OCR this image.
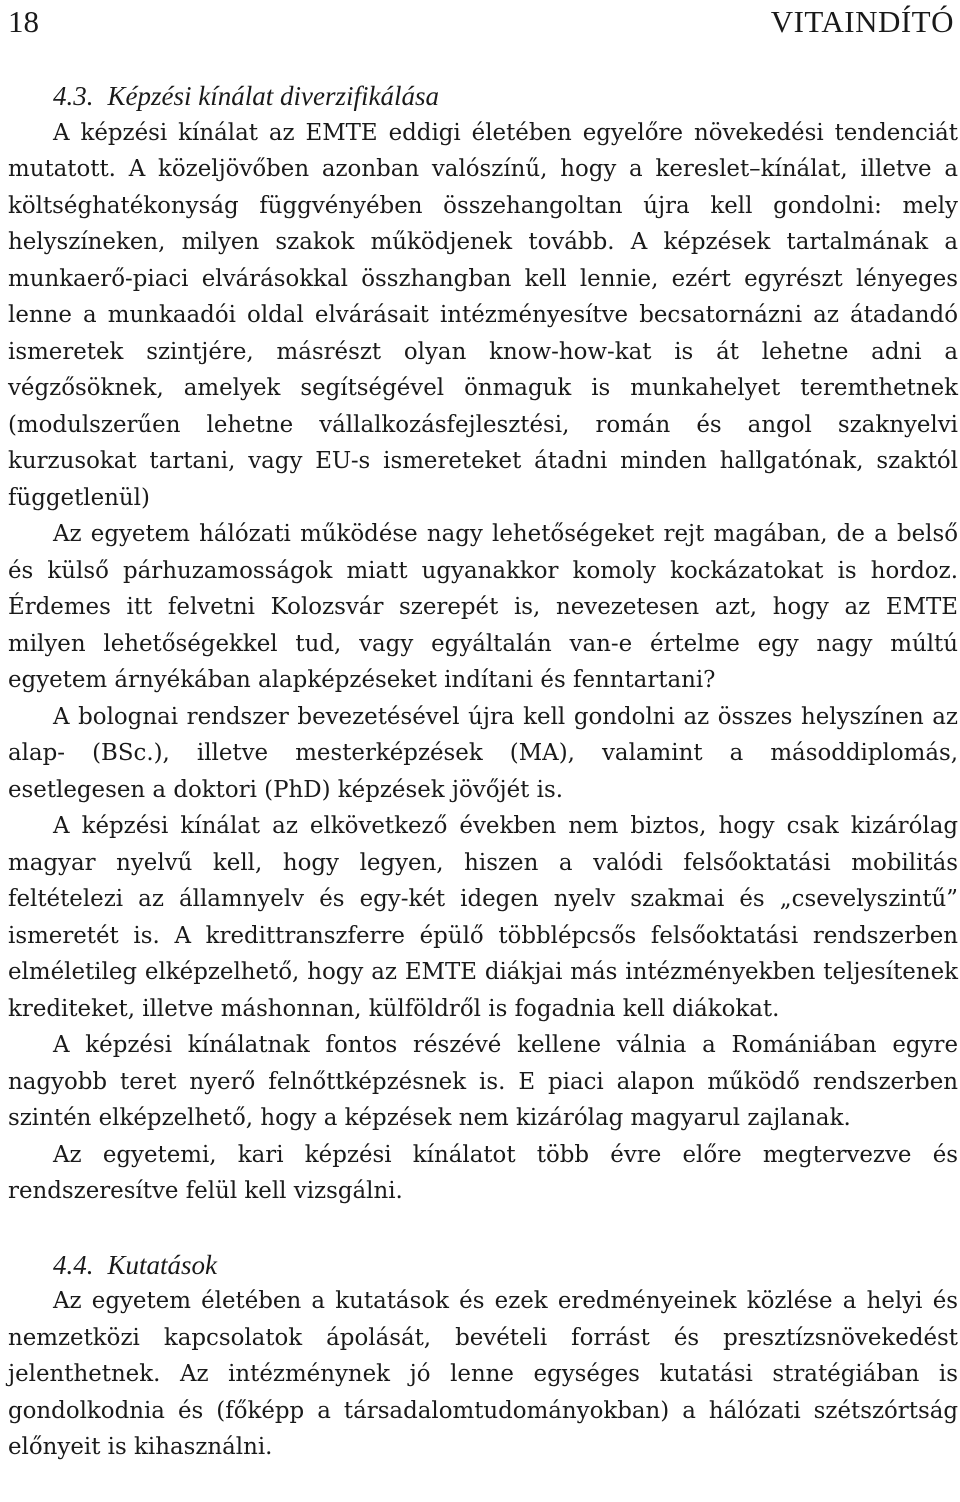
18	VITAINDÍTÓ
4.3. Képzési kínálat diverzifikálása

A képzési kínálat az EMTE eddigi életében egyelőre növekedési tendenciát mutatott. A közeljövőben azonban valószínű, hogy a kereslet–kínálat, illetve a költséghatékonyság függvényében összehangoltan újra kell gondolni: mely helyszíneken, milyen szakok működjenek tovább. A képzések tartalmának a munkaerő-piaci elvárásokkal összhangban kell lennie, ezért egyrészt lényeges lenne a munkaadói oldal elvárásait intézményesítve becsatornázni az átadandó ismeretek szintjére, másrészt olyan know-how-kat is át lehetne adni a végzősöknek, amelyek segítségével önmaguk is munkahelyet teremthetnek (modulszerűen lehetne vállalkozásfejlesztési, román és angol szaknyelvi kurzusokat tartani, vagy EU-s ismereteket átadni minden hallgatónak, szaktól függetlenül)

Az egyetem hálózati működése nagy lehetőségeket rejt magában, de a belső és külső párhuzamosságok miatt ugyanakkor komoly kockázatokat is hordoz. Érdemes itt felvetni Kolozsvár szerepét is, nevezetesen azt, hogy az EMTE milyen lehetőségekkel tud, vagy egyáltalán van-e értelme egy nagy múltú egyetem árnyékában alapképzéseket indítani és fenntartani?

A bolognai rendszer bevezetésével újra kell gondolni az összes helyszínen az alap- (BSc.), illetve mesterképzések (MA), valamint a másoddiplomás, esetlegesen a doktori (PhD) képzések jövőjét is.

A képzési kínálat az elkövetkező években nem biztos, hogy csak kizárólag magyar nyelvű kell, hogy legyen, hiszen a valódi felsőoktatási mobilitás feltételezi az államnyelv és egy-két idegen nyelv szakmai és „csevelyszintű” ismeretét is. A kredittranszferre épülő többlépcsős felsőoktatási rendszerben elméletileg elképzelhető, hogy az EMTE diákjai más intézményekben teljesítenek krediteket, illetve máshonnan, külföldről is fogadnia kell diákokat.

A képzési kínálatnak fontos részévé kellene válnia a Romániában egyre nagyobb teret nyerő felnőttképzésnek is. E piaci alapon működő rendszerben szintén elképzelhető, hogy a képzések nem kizárólag magyarul zajlanak.

Az egyetemi, kari képzési kínálatot több évre előre megtervezve és rendszeresítve felül kell vizsgálni.

4.4. Kutatások

Az egyetem életében a kutatások és ezek eredményeinek közlése a helyi és nemzetközi kapcsolatok ápolását, bevételi forrást és presztízsnövekedést jelenthetnek. Az intézménynek jó lenne egységes kutatási stratégiában is gondolkodnia és (főképp a társadalomtudományokban) a hálózati szétszórtság előnyeit is kihasználni.
